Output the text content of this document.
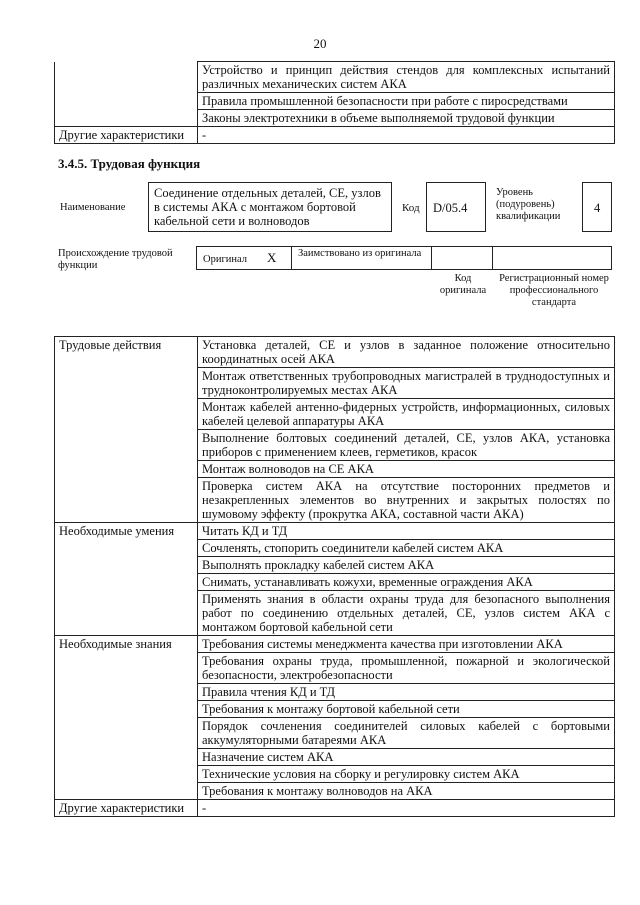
20
	Устройство и принцип действия стендов для комплексных испытаний различных механических систем АКА
	Правила промышленной безопасности при работе с пиросредствами
	Законы электротехники в объеме выполняемой трудовой функции
Другие характеристики	-
3.4.5. Трудовая функция
Наименование
Соединение отдельных деталей, СЕ, узлов в системы АКА с монтажом бортовой кабельной сети и волноводов
Код D/05.4
Уровень (подуровень) квалификации
4
Происхождение трудовой функции
Оригинал X Заимствовано из оригинала
Код оригинала
Регистрационный номер профессионального стандарта
Трудовые действия	Установка деталей, СЕ и узлов в заданное положение относительно координатных осей АКА
	Монтаж ответственных трубопроводных магистралей в труднодоступных и трудноконтролируемых местах АКА
	Монтаж кабелей антенно-фидерных устройств, информационных, силовых кабелей целевой аппаратуры АКА
	Выполнение болтовых соединений деталей, СЕ, узлов АКА, установка приборов с применением клеев, герметиков, красок
	Монтаж волноводов на СЕ АКА
	Проверка систем АКА на отсутствие посторонних предметов и незакрепленных элементов во внутренних и закрытых полостях по шумовому эффекту (прокрутка АКА, составной части АКА)
Необходимые умения	Читать КД и ТД
	Сочленять, стопорить соединители кабелей систем АКА
	Выполнять прокладку кабелей систем АКА
	Снимать, устанавливать кожухи, временные ограждения АКА
	Применять знания в области охраны труда для безопасного выполнения работ по соединению отдельных деталей, СЕ, узлов систем АКА с монтажом бортовой кабельной сети
Необходимые знания	Требования системы менеджмента качества при изготовлении АКА
	Требования охраны труда, промышленной, пожарной и экологической безопасности, электробезопасности
	Правила чтения КД и ТД
	Требования к монтажу бортовой кабельной сети
	Порядок сочленения соединителей силовых кабелей с бортовыми аккумуляторными батареями АКА
	Назначение систем АКА
	Технические условия на сборку и регулировку систем АКА
	Требования к монтажу волноводов на АКА
Другие характеристики	-
